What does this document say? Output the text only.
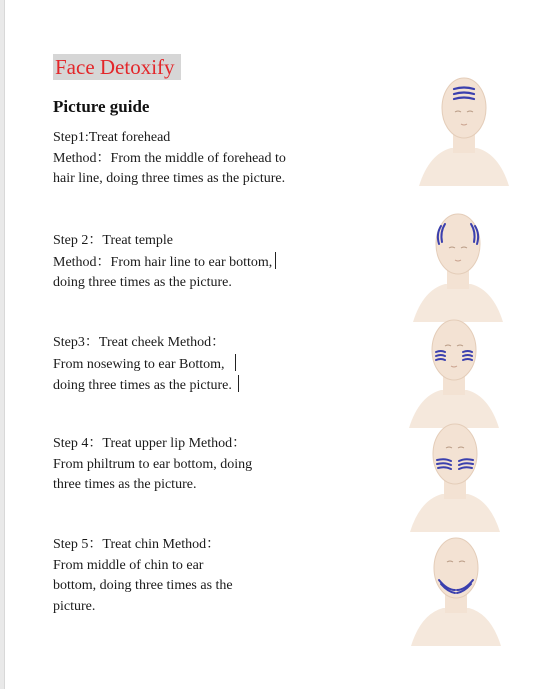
Face Detoxify
Picture guide
Step1:Treat forehead
Method：From the middle of forehead to
hair line, doing three times as the picture.
Step 2：Treat temple
Method：From hair line to ear bottom,
doing three times as the picture.
Step3：Treat cheek Method：
From nosewing to ear Bottom,
doing three times as the picture.
Step 4：Treat upper lip Method：
From philtrum to ear bottom, doing
three times as the picture.
Step 5：Treat chin Method：
From middle of chin to ear
bottom, doing three times as the
picture.
